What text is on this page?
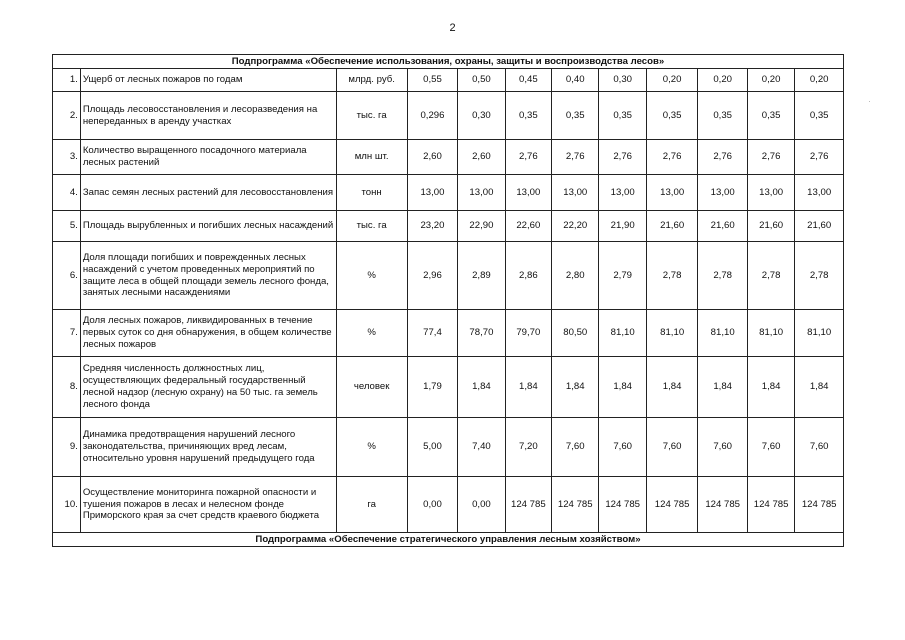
2
Подпрограмма «Обеспечение использования, охраны, защиты и воспроизводства лесов»											
1.	Ущерб от лесных пожаров по годам	млрд. руб.	0,55	0,50	0,45	0,40	0,30	0,20	0,20	0,20	0,20
2.	Площадь лесовосстановления и лесоразведения на непереданных в аренду участках	тыс. га	0,296	0,30	0,35	0,35	0,35	0,35	0,35	0,35	0,35
3.	Количество выращенного посадочного материала лесных растений	млн шт.	2,60	2,60	2,76	2,76	2,76	2,76	2,76	2,76	2,76
4.	Запас семян лесных растений для лесовосстановления	тонн	13,00	13,00	13,00	13,00	13,00	13,00	13,00	13,00	13,00
5.	Площадь вырубленных и погибших лесных насаждений	тыс. га	23,20	22,90	22,60	22,20	21,90	21,60	21,60	21,60	21,60
6.	Доля площади погибших и поврежденных лесных насаждений с учетом проведенных мероприятий по защите леса в общей площади земель лесного фонда, занятых лесными насаждениями	%	2,96	2,89	2,86	2,80	2,79	2,78	2,78	2,78	2,78
7.	Доля лесных пожаров, ликвидированных в течение первых суток со дня обнаружения, в общем количестве лесных пожаров	%	77,4	78,70	79,70	80,50	81,10	81,10	81,10	81,10	81,10
8.	Средняя численность должностных лиц, осуществляющих федеральный государственный лесной надзор (лесную охрану) на 50 тыс. га земель лесного фонда	человек	1,79	1,84	1,84	1,84	1,84	1,84	1,84	1,84	1,84
9.	Динамика предотвращения нарушений лесного законодательства, причиняющих вред лесам, относительно уровня нарушений предыдущего года	%	5,00	7,40	7,20	7,60	7,60	7,60	7,60	7,60	7,60
10.	Осуществление мониторинга пожарной опасности и тушения пожаров в лесах и нелесном фонде Приморского края за счет средств краевого бюджета	га	0,00	0,00	124 785	124 785	124 785	124 785	124 785	124 785	124 785
Подпрограмма «Обеспечение стратегического управления лесным хозяйством»											
